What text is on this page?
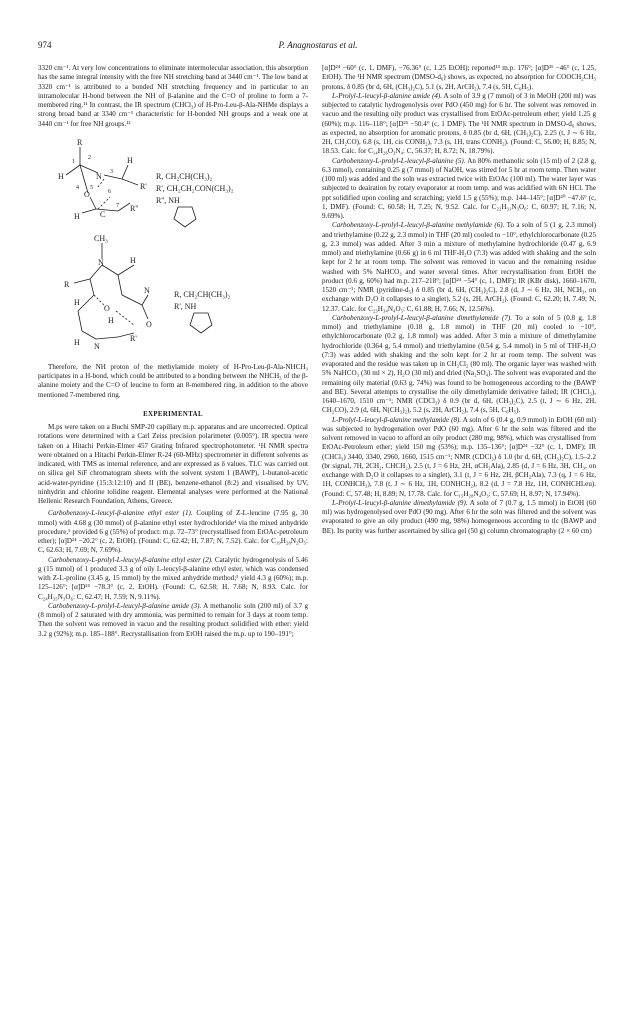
974	P. Anagnostaras et al.

3320 cm⁻¹. At very low concentrations to eliminate intermolecular association, this absorption has the same integral intensity with the free NH stretching band at 3440 cm⁻¹. The low band at 3320 cm⁻¹ is attributed to a bonded NH stretching frequency and in particular to an intramolecular H-bond between the NH of β-alanine and the C=O of proline to form a 7-membered ring.¹¹ In contrast, the IR spectrum (CHCl₃) of H-Pro-Leu-β-Ala-NHMe displays a strong broad band at 3340 cm⁻¹ characteristic for H-bonded NH groups and a weak one at 3440 cm⁻¹ for free NH groups.¹²

R
H	N
H
O
R'
R''
H	C
1
2
3
4 5
6
7
R, CH₂CH(CH₃)₂
R', CH₂CH₂CON(CH₃)₂
R'', NH
CH₃
N	H
R
H
O
N
O
H
N
H	R'
R, CH₂CH(CH₃)₂
R', NH

Therefore, the NH proton of the methylamide moiety of H-Pro-Leu-β-Ala-NHCH₃ participates in a H-bond, which could be attributed to a bonding between the NHCH₃ of the β-alanine moiety and the C=O of leucine to form an 8-membered ring, in addition to the above mentioned 7-membered ring.

EXPERIMENTAL

M.ps were taken on a Buchi SMP-20 capillary m.p. apparatus and are uncorrected. Optical rotations were determined with a Carl Zeiss precision polarimeter (0.005°). IR spectra were taken on a Hitachi Perkin-Elmer 457 Grating Infrared spectrophotometer. ¹H NMR spectra were obtained on a Hitachi Perkin-Elmer R-24 (60-MHz) spectrometer in different solvents as indicated, with TMS as internal reference, and are expressed as δ values. TLC was carried out on silica gel SiF chromatogram sheets with the solvent system I (BAWP), 1-butanol-acetic acid-water-pyridine (15:3:12:10) and II (BE), benzene-ethanol (8:2) and visualised by UV, ninhydrin and chlorine tolidine reagent. Elemental analyses were performed at the National Hellenic Research Foundation, Athens, Greece.

Carbobenzoxy-L-leucyl-β-alanine ethyl ester (1). Coupling of Z-L-leucine (7.95 g, 30 mmol) with 4.68 g (30 mmol) of β-alanine ethyl ester hydrochloride⁴ via the mixed anhydride procedure,⁵ provided 6 g (55%) of product: m.p. 72–73° (recrystallised from EtOAc-petroleum ether); [α]D²⁴ −20.2° (c, 2, EtOH). (Found: C, 62.42; H, 7.87; N, 7.52). Calc. for C₁₉H₂₈N₂O₅: C, 62.63; H, 7.69; N, 7.69%).

Carbobenzoxy-L-prolyl-L-leucyl-β-alanine ethyl ester (2). Catalytic hydrogenolysis of 5.46 g (15 mmol) of 1 produced 3.3 g of oily L-leucyl-β-alanine ethyl ester, which was condensed with Z-L-proline (3.45 g, 15 mmol) by the mixed anhydride method;⁵ yield 4.3 g (60%); m.p. 125–126°; [α]D²⁴ −78.3° (c, 2, EtOH). (Found: C, 62.58; H, 7.68; N, 8.93. Calc. for C₂₄H₃₅N₃O₆: C, 62.47; H, 7.59; N, 9.11%).

Carbobenzoxy-L-prolyl-L-leucyl-β-alanine amide (3). A methanolic soln (200 ml) of 3.7 g (8 mmol) of 2 saturated with dry ammonia, was permitted to remain for 3 days at room temp. Then the solvent was removed in vacuo and the resulting product solidified with ether: yield 3.2 g (92%); m.p. 185–188°. Recrystallisation from EtOH raised the m.p. up to 190–191°;

[α]D²⁴ −60° (c, 1, DMF), −76.36° (c, 1.25 EtOH); reported¹³ m.p. 176°; [α]D³¹ −46° (c, 1.25, EtOH). The ¹H NMR spectrum (DMSO-d₆) shows, as expected, no absorption for COOCH₂CH₃ protons, δ 0.85 (br d, 6H, (CH₃)₂C), 5.1 (s, 2H, ArCH₂), 7.4 (s, 5H, C₆H₅).

L-Prolyl-L-leucyl-β-alanine amide (4). A soln of 3.9 g (7 mmol) of 3 in MeOH (200 ml) was subjected to catalytic hydrogenolysis over PdO (450 mg) for 6 hr. The solvent was removed in vacuo and the resulting oily product was crystallised from EtOAc-petroleum ether; yield 1.25 g (60%); m.p. 116–118°; [α]D²⁵ −50.4° (c, 1 DMF). The ¹H NMR spectrum in DMSO-d₆ shows, as expected, no absorption for aromatic protons, δ 0.85 (br d, 6H, (CH₃)₂C), 2.25 (t, J ∼ 6 Hz, 2H, CH₂CO), 6.8 (s, 1H, cis CONH₂), 7.3 (s, 1H, trans CONH₂). (Found: C, 56.00; H, 8.85; N, 18.53. Calc. for C₁₄H₂₆O₃N₄: C, 56.37; H, 8.72; N, 18.79%).

Carbobenzoxy-L-prolyl-L-leucyl-β-alanine (5). An 80% methanolic soln (15 ml) of 2 (2.8 g, 6.3 mmol), containing 0.25 g (7 mmol) of NaOH, was stirred for 5 hr at room temp. Then water (100 ml) was added and the soln was extracted twice with EtOAc (100 ml). The water layer was subjected to deairation by rotary evaporator at room temp. and was acidified with 6N HCl. The ppt solidified upon cooling and scratching; yield 1.5 g (55%); m.p. 144–145°; [α]D²⁰ −47.6° (c, 1, DMF). (Found: C, 60.58; H, 7.25; N, 9.52. Calc. for C₂₂H₃₁N₃O₆: C, 60.97; H, 7.16; N, 9.69%).

Carbobenzoxy-L-prolyl-L-leucyl-β-alanine methylamide (6). To a soln of 5 (1 g, 2.3 mmol) and triethylamine (0.22 g, 2.3 mmol) in THF (20 ml) cooled to −10°, ethylchlorocarbonate (0.25 g, 2.3 mmol) was added. After 3 min a mixture of methylamine hydrochloride (0.47 g, 6.9 mmol) and triethylamine (0.66 g) in 6 ml THF-H₂O (7:3) was added with shaking and the soln kept for 2 hr at room temp. The solvent was removed in vacuo and the remaining residue washed with 5% NaHCO₃ and water several times. After recrystallisation from EtOH the product (0.6 g, 60%) had m.p. 217–218°; [α]D²⁴ −54° (c, 1, DMF); IR (KBr disk), 1660–1670, 1520 cm⁻¹; NMR (pyridine-d₅) δ 0.85 (br d, 6H, (CH₃)₂C), 2.8 (d, J ∼ 6 Hz, 3H, NCH₃, on exchange with D₂O it collapses to a singlet), 5.2 (s, 2H, ArCH₂). (Found: C, 62.20; H, 7.49; N, 12.37. Calc. for C₂₃H₃₄N₄O₅: C, 61.88; H, 7.66; N, 12.56%).

Carbobenzoxy-L-prolyl-L-leucyl-β-alanine dimethylamide (7). To a soln of 5 (0.8 g, 1.8 mmol) and triethylamine (0.18 g, 1.8 mmol) in THF (20 ml) cooled to −10°, ethylchlorocarbonate (0.2 g, 1.8 mmol) was added. After 3 min a mixture of dimethylamine hydrochloride (0.364 g, 5.4 mmol) and triethylamine (0.54 g, 5.4 mmol) in 5 ml of THF-H₂O (7:3) was added with shaking and the soln kept for 2 hr at room temp. The solvent was evaporated and the residue was taken up in CH₂Cl₂ (80 ml). The organic layer was washed with 5% NaHCO₃ (30 ml × 2), H₂O (30 ml) and dried (Na₂SO₄). The solvent was evaporated and the remaining oily material (0.63 g, 74%) was found to be homogeneous according to the (BAWP and BE). Several attempts to crystallise the oily dimethylamide derivative failed; IR (CHCl₃), 1640–1670, 1510 cm⁻¹; NMR (CDCl₃) δ 0.9 (br d, 6H, (CH₃)₂C), 2.5 (t, J ∼ 6 Hz, 2H, CH₂CO), 2.9 (d, 6H, N(CH₃)₂), 5.2 (s, 2H, ArCH₂), 7.4 (s, 5H, C₆H₅).

L-Prolyl-L-leucyl-β-alanine methylamide (8). A soln of 6 (0.4 g, 0.9 mmol) in EtOH (60 ml) was subjected to hydrogenation over PdO (60 mg). After 6 hr the soln was filtered and the solvent removed in vacuo to afford an oily product (280 mg, 98%), which was crystallised from EtOAc-Petroleum ether; yield 150 mg (53%); m.p. 135–136°; [α]D²⁴ −32° (c, 1, DMF); IR (CHCl₃) 3440, 3340, 2960, 1660, 1515 cm⁻¹; NMR (CDCl₃) δ 1.0 (br d, 6H, (CH₃)₂C), 1.5–2.2 (br signal, 7H, 2CH₂, CHCH₂), 2.5 (t, J = 6 Hz, 2H, αCH₂Ala), 2.85 (d, J = 6 Hz, 3H, CH₃, on exchange with D₂O it collapses to a singlet), 3.1 (t, J = 6 Hz, 2H, βCH₂Ala), 7.3 (q, J = 6 Hz, 1H, CONHCH₃), 7.8 (t, J ∼ 6 Hz, 1H, CONHCH₂), 8.2 (d, J = 7.8 Hz, 1H, CONHCHLeu). (Found: C, 57.48; H, 8.89; N, 17.78. Calc. for C₁₅H₂₈N₄O₃: C, 57.69; H, 8.97; N, 17.94%).

L-Prolyl-L-leucyl-β-alanine dimethylamide (9). A soln of 7 (0.7 g, 1.5 mmol) in EtOH (60 ml) was hydrogenolysed over PdO (90 mg). After 6 hr the soln was filtered and the solvent was evaporated to give an oily product (490 mg, 98%) homogeneous according to tlc (BAWP and BE). Its purity was further ascertained by silica gel (50 g) column chromatography (2 × 60 cm)
